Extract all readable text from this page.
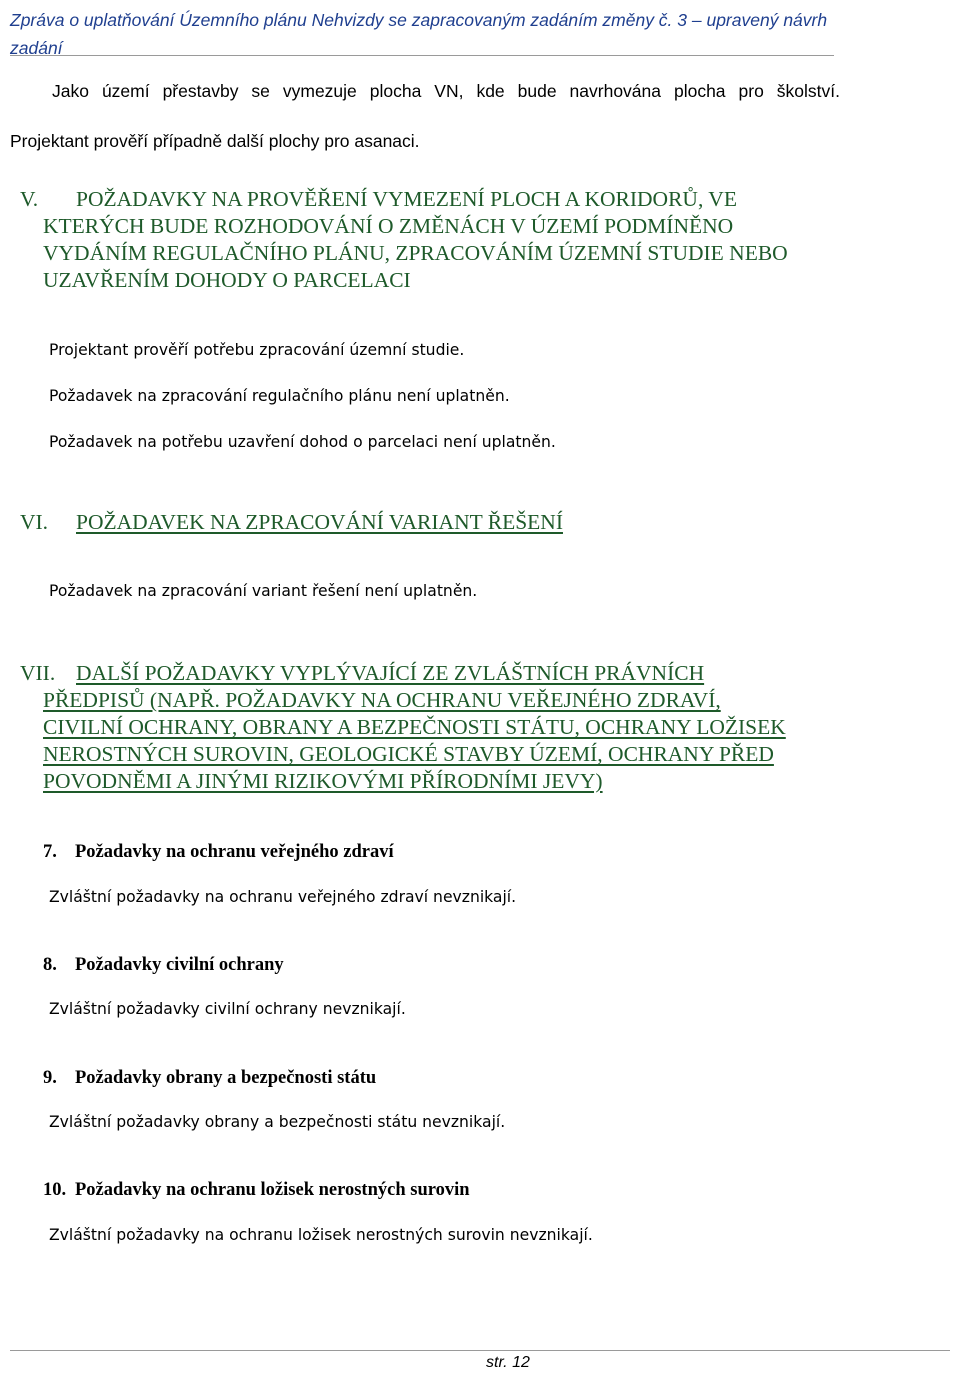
Zpráva o uplatňování Územního plánu Nehvizdy se zapracovaným zadáním změny č. 3 – upravený návrh zadání
Jako území přestavby se vymezuje plocha VN, kde bude navrhována plocha pro školství.
Projektant prověří případně další plochy pro asanaci.
V. POŽADAVKY NA PROVĚŘENÍ VYMEZENÍ PLOCH A KORIDORŮ, VE
KTERÝCH BUDE ROZHODOVÁNÍ O ZMĚNÁCH V ÚZEMÍ PODMÍNĚNO
VYDÁNÍM REGULAČNÍHO PLÁNU, ZPRACOVÁNÍM ÚZEMNÍ STUDIE NEBO
UZAVŘENÍM DOHODY O PARCELACI
Projektant prověří potřebu zpracování územní studie.
Požadavek na zpracování regulačního plánu není uplatněn.
Požadavek na potřebu uzavření dohod o parcelaci není uplatněn.
VI. POŽADAVEK NA ZPRACOVÁNÍ VARIANT ŘEŠENÍ
Požadavek na zpracování variant řešení není uplatněn.
VII. DALŠÍ POŽADAVKY VYPLÝVAJÍCÍ ZE ZVLÁŠTNÍCH PRÁVNÍCH
PŘEDPISŮ (NAPŘ. POŽADAVKY NA OCHRANU VEŘEJNÉHO ZDRAVÍ,
CIVILNÍ OCHRANY, OBRANY A BEZPEČNOSTI STÁTU, OCHRANY LOŽISEK
NEROSTNÝCH SUROVIN, GEOLOGICKÉ STAVBY ÚZEMÍ, OCHRANY PŘED
POVODNĚMI A JINÝMI RIZIKOVÝMI PŘÍRODNÍMI JEVY)
7. Požadavky na ochranu veřejného zdraví
Zvláštní požadavky na ochranu veřejného zdraví nevznikají.
8. Požadavky civilní ochrany
Zvláštní požadavky civilní ochrany nevznikají.
9. Požadavky obrany a bezpečnosti státu
Zvláštní požadavky obrany a bezpečnosti státu nevznikají.
10. Požadavky na ochranu ložisek nerostných surovin
Zvláštní požadavky na ochranu ložisek nerostných surovin nevznikají.
str. 12
